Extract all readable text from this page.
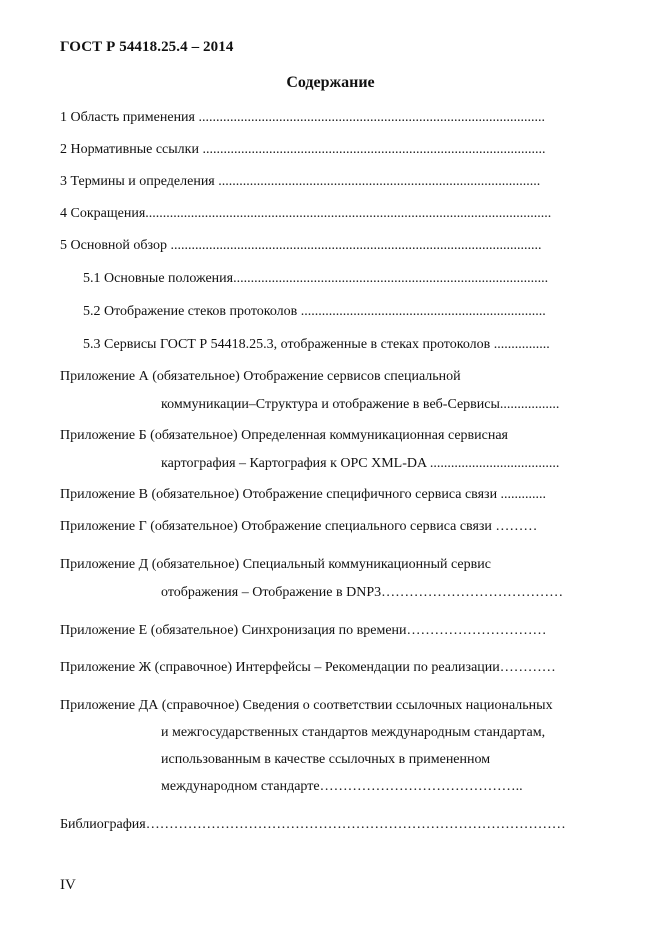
ГОСТ Р 54418.25.4 – 2014
Содержание
1 Область применения ...................................................................................................
2 Нормативные ссылки ..................................................................................................
3 Термины и определения ............................................................................................
4 Сокращения....................................................................................................................
5 Основной обзор ..........................................................................................................
5.1 Основные положения..........................................................................................
5.2 Отображение стеков протоколов ......................................................................
5.3 Сервисы ГОСТ Р 54418.25.3, отображенные в стеках протоколов ................
Приложение А (обязательное) Отображение сервисов специальной
коммуникации–Структура и отображение в веб-Сервисы.................
Приложение Б (обязательное) Определенная коммуникационная сервисная
картография – Картография к OPC XML-DA .....................................
Приложение В (обязательное) Отображение специфичного сервиса связи .............
Приложение Г (обязательное) Отображение специального сервиса связи ………
Приложение Д (обязательное) Специальный коммуникационный сервис
отображения – Отображение в DNP3…………………………………
Приложение Е (обязательное) Синхронизация по времени…………………………
Приложение Ж (справочное) Интерфейсы – Рекомендации по реализации…………
Приложение ДА (справочное) Сведения о соответствии ссылочных национальных
и межгосударственных стандартов международным стандартам,
использованным в качестве ссылочных в примененном
международном стандарте……………………………………..
Библиография………………………………………………………………………………
IV
